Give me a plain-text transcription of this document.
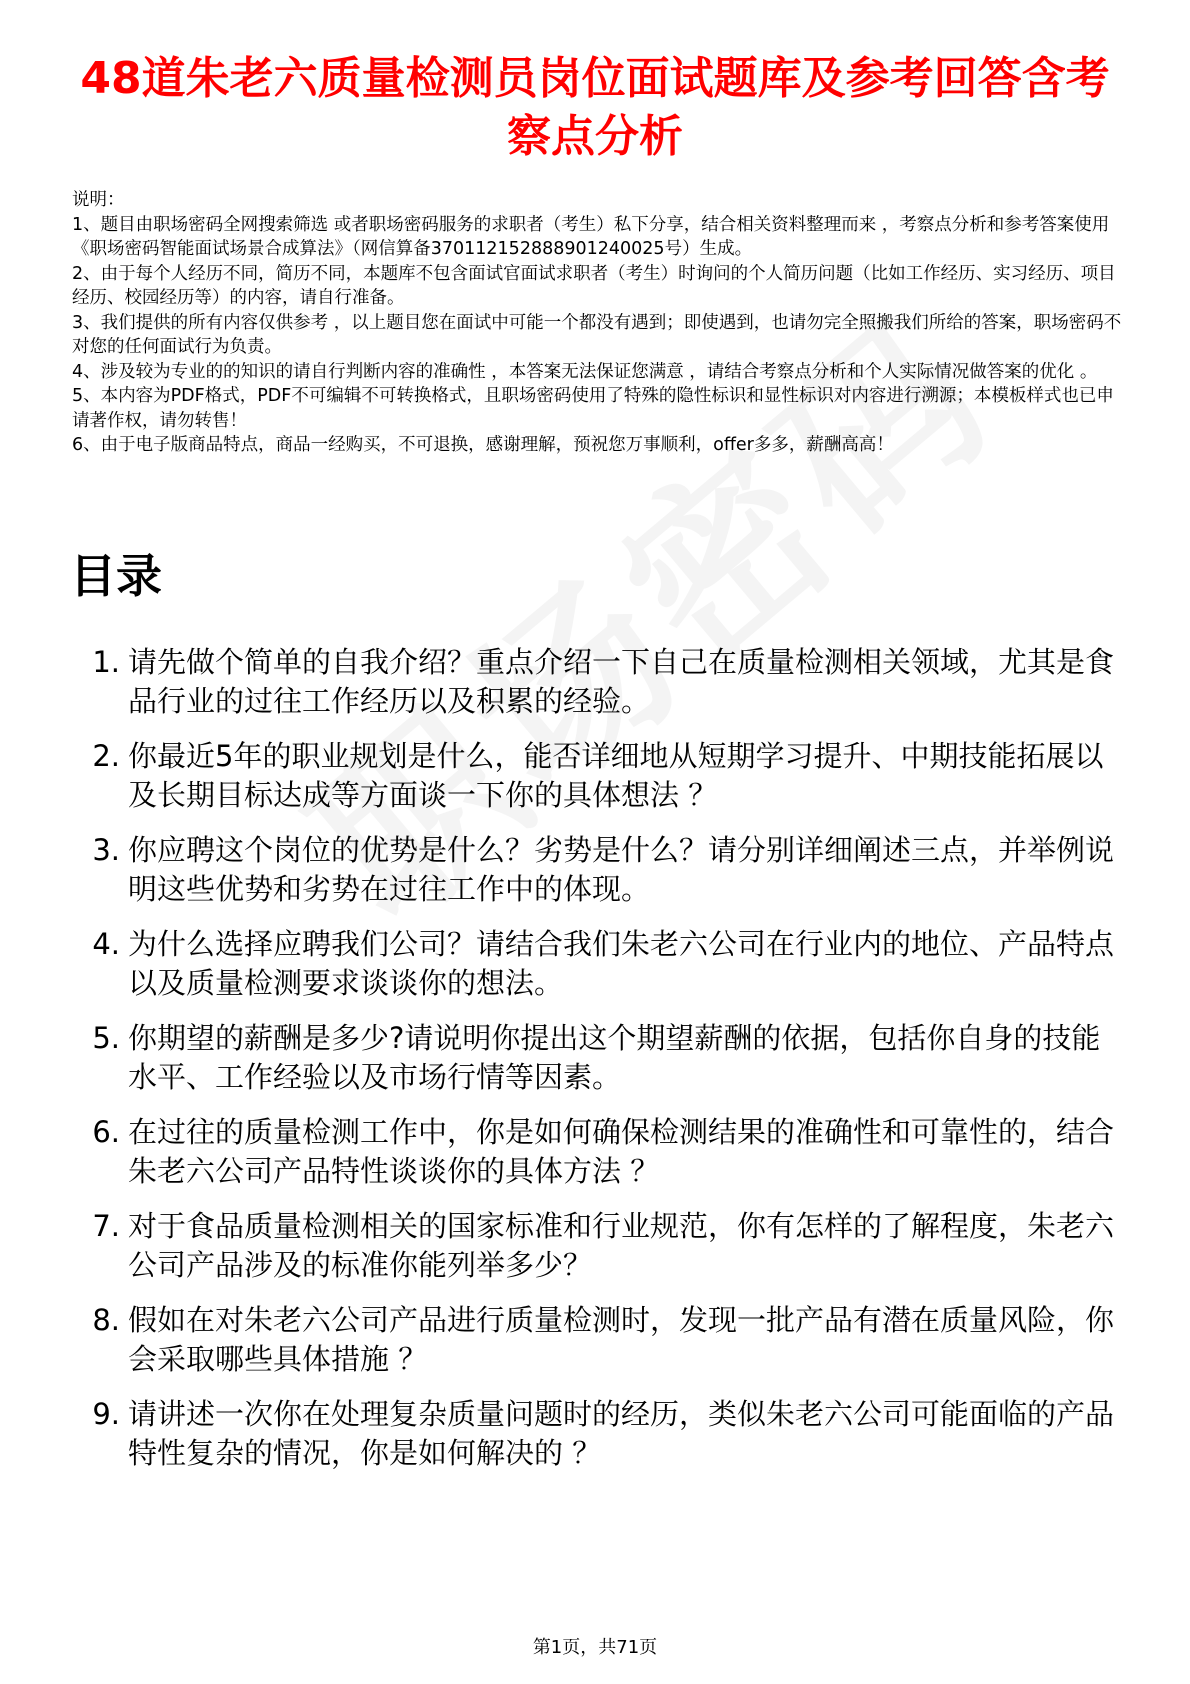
48道朱老六质量检测员岗位面试题库及参考回答含考察点分析

说明：

1、题目由职场密码全网搜索筛选 或者职场密码服务的求职者（考生）私下分享，结合相关资料整理而来 ，考察点分析和参考答案使用《职场密码智能面试场景合成算法》（网信算备370112152888901240025号）生成。

2、由于每个人经历不同，简历不同，本题库不包含面试官面试求职者（考生）时询问的个人简历问题（比如工作经历、实习经历、项目经历、校园经历等）的内容，请自行准备。

3、我们提供的所有内容仅供参考 ，以上题目您在面试中可能一个都没有遇到；即使遇到，也请勿完全照搬我们所给的答案，职场密码不对您的任何面试行为负责。

4、涉及较为专业的的知识的请自行判断内容的准确性 ，本答案无法保证您满意 ，请结合考察点分析和个人实际情况做答案的优化 。

5、本内容为PDF格式，PDF不可编辑不可转换格式，且职场密码使用了特殊的隐性标识和显性标识对内容进行溯源；本模板样式也已申请著作权，请勿转售！

6、由于电子版商品特点，商品一经购买，不可退换，感谢理解，预祝您万事顺利，offer多多，薪酬高高！

目录
1. 请先做个简单的自我介绍？重点介绍一下自己在质量检测相关领域，尤其是食品行业的过往工作经历以及积累的经验。
2. 你最近5年的职业规划是什么，能否详细地从短期学习提升、中期技能拓展以及长期目标达成等方面谈一下你的具体想法 ？
3. 你应聘这个岗位的优势是什么？劣势是什么？请分别详细阐述三点，并举例说明这些优势和劣势在过往工作中的体现。
4. 为什么选择应聘我们公司？请结合我们朱老六公司在行业内的地位、产品特点以及质量检测要求谈谈你的想法。
5. 你期望的薪酬是多少?请说明你提出这个期望薪酬的依据，包括你自身的技能水平、工作经验以及市场行情等因素。
6. 在过往的质量检测工作中，你是如何确保检测结果的准确性和可靠性的，结合朱老六公司产品特性谈谈你的具体方法 ？
7. 对于食品质量检测相关的国家标准和行业规范，你有怎样的了解程度，朱老六公司产品涉及的标准你能列举多少？
8. 假如在对朱老六公司产品进行质量检测时，发现一批产品有潜在质量风险，你会采取哪些具体措施 ？
9. 请讲述一次你在处理复杂质量问题时的经历，类似朱老六公司可能面临的产品特性复杂的情况，你是如何解决的 ？
第1页，共71页
